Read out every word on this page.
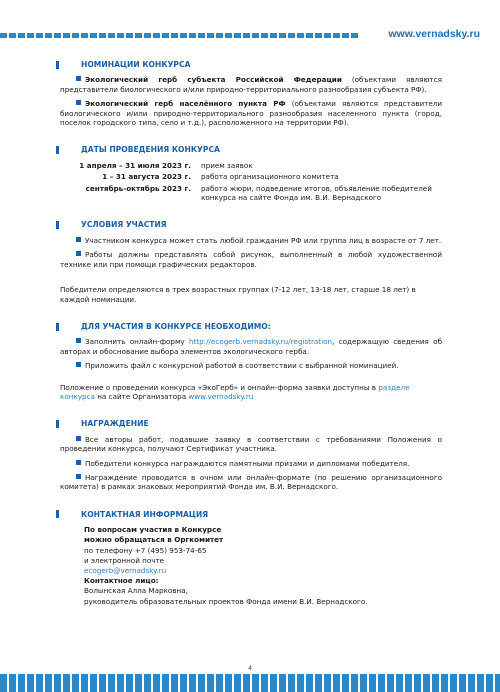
www.vernadsky.ru
НОМИНАЦИИ КОНКУРСА

Экологический герб субъекта Российской Федерации (объектами являются представители биологического и/или природно-территориального разнообразия субъекта РФ).

Экологический герб населённого пункта РФ (объектами являются представители биологического и/или природно-территориального разнообразия населенного пункта (город, поселок городского типа, село и т.д.), расположенного на территории РФ).

ДАТЫ ПРОВЕДЕНИЯ КОНКУРСА
1 апреля – 31 июля 2023 г.	прием заявок
1 – 31 августа 2023 г.	работа организационного комитета
сентябрь-октябрь 2023 г.	работа жюри, подведение итогов, объявление победителей конкурса на сайте Фонда им. В.И. Вернадского
УСЛОВИЯ УЧАСТИЯ

Участником конкурса может стать любой гражданин РФ или группа лиц в возрасте от 7 лет.

Работы должны представлять собой рисунок, выполненный в любой художественной технике или при помощи графических редакторов.

Победители определяются в трех возрастных группах (7-12 лет, 13-18 лет, старше 18 лет) в каждой номинации.

ДЛЯ УЧАСТИЯ В КОНКУРСЕ НЕОБХОДИМО:

Заполнить онлайн-форму http://ecogerb.vernadsky.ru/registration, содержащую сведения об авторах и обоснование выбора элементов экологического герба.

Приложить файл с конкурсной работой в соответствии с выбранной номинацией.

Положение о проведении конкурса «ЭкоГерб» и онлайн-форма заявки доступны в разделе конкурса на сайте Организатора www.vernadsky.ru

НАГРАЖДЕНИЕ

Все авторы работ, подавшие заявку в соответствии с требованиями Положения о проведении конкурса, получают Сертификат участника.

Победители конкурса награждаются памятными призами и дипломами победителя.

Награждение проводится в очном или онлайн-формате (по решению организационного комитета) в рамках знаковых мероприятий Фонда им. В.И. Вернадского.

КОНТАКТНАЯ ИНФОРМАЦИЯ
По вопросам участия в Конкурсе
можно обращаться в Оргкомитет
по телефону +7 (495) 953-74-65
и электронной почте
ecogerb@vernadsky.ru
Контактное лицо:
Волынская Алла Марковна,
руководитель образовательных проектов Фонда имени В.И. Вернадского.
4
